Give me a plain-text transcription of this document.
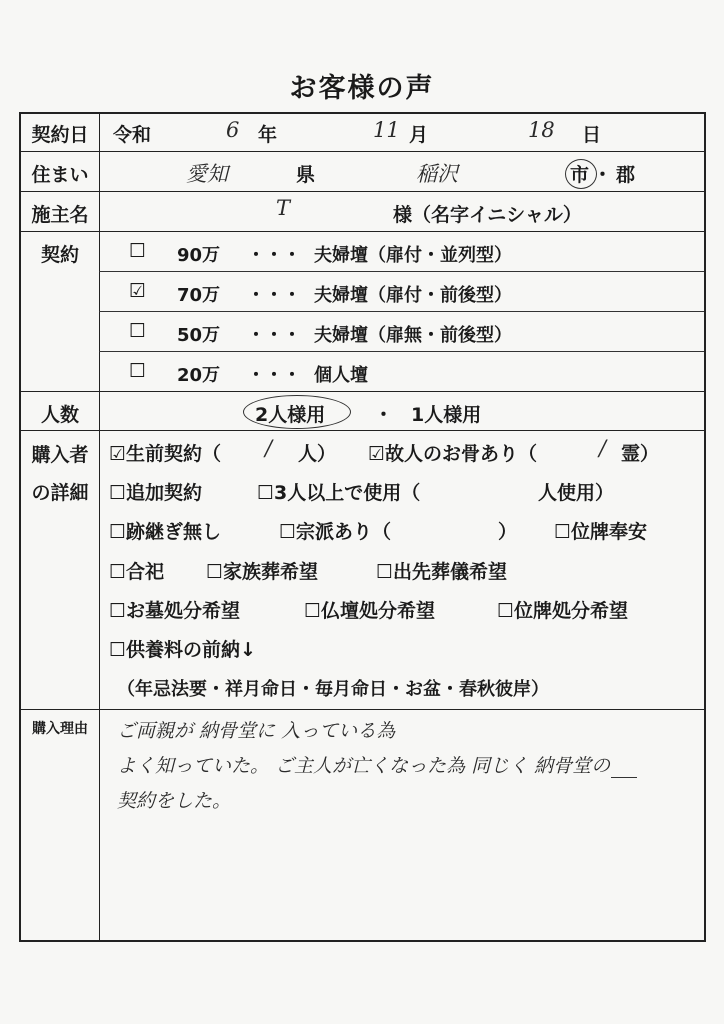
お客様の声
契約日	令和	6 年	11 月	18 日
住まい	愛知	県	稲沢	市 ・ 郡
施主名	T	様（名字イニシャル）
契約	☐ 90万 ・・・ 夫婦壇（扉付・並列型）
☑ 70万 ・・・ 夫婦壇（扉付・前後型）
☐ 50万 ・・・ 夫婦壇（扉無・前後型）
☐ 20万 ・・・ 個人壇
人数	2人様用	・ 1人様用
購入者
の詳細
☑生前契約（ / 人） ☑故人のお骨あり（	/ 霊）
☐追加契約	☐3人以上で使用（	人使用）
☐跡継ぎ無し	☐宗派あり（	） ☐位牌奉安
☐合祀 ☐家族葬希望	☐出先葬儀希望
☐お墓処分希望	☐仏壇処分希望	☐位牌処分希望
☐供養料の前納↓
（年忌法要・祥月命日・毎月命日・お盆・春秋彼岸）
購入理由	ご両親が 納骨堂に 入っている為
よく知っていた。 ご主人が亡くなった為 同じく 納骨堂の
契約をした。
